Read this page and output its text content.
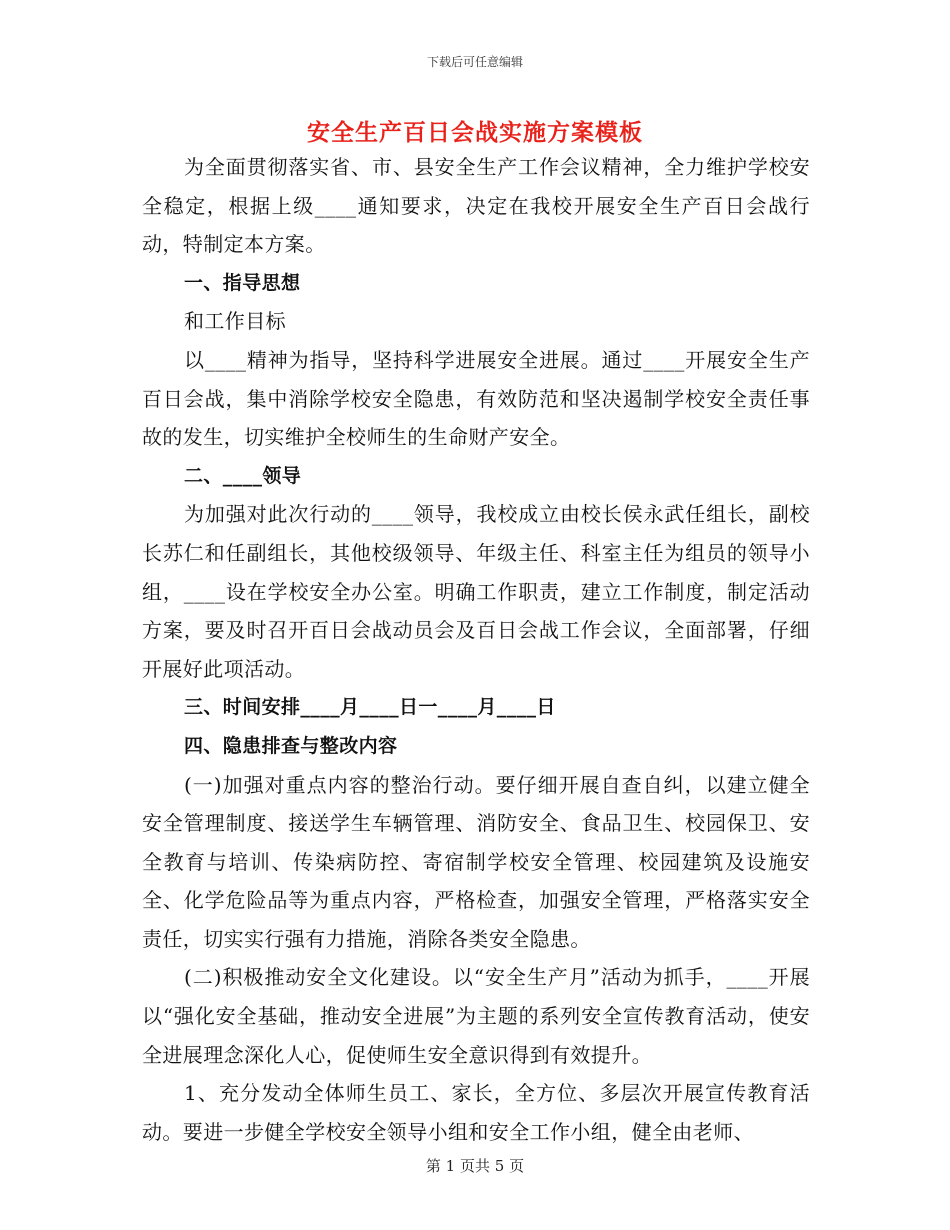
下载后可任意编辑
安全生产百日会战实施方案模板

为全面贯彻落实省、市、县安全生产工作会议精神，全力维护学校安全稳定，根据上级____通知要求，决定在我校开展安全生产百日会战行动，特制定本方案。

一、指导思想

和工作目标

以____精神为指导，坚持科学进展安全进展。通过____开展安全生产百日会战，集中消除学校安全隐患，有效防范和坚决遏制学校安全责任事故的发生，切实维护全校师生的生命财产安全。

二、____领导

为加强对此次行动的____领导，我校成立由校长侯永武任组长，副校长苏仁和任副组长，其他校级领导、年级主任、科室主任为组员的领导小组，____设在学校安全办公室。明确工作职责，建立工作制度，制定活动方案，要及时召开百日会战动员会及百日会战工作会议，全面部署，仔细开展好此项活动。

三、时间安排____月____日一____月____日

四、隐患排查与整改内容

(一)加强对重点内容的整治行动。要仔细开展自查自纠，以建立健全安全管理制度、接送学生车辆管理、消防安全、食品卫生、校园保卫、安全教育与培训、传染病防控、寄宿制学校安全管理、校园建筑及设施安全、化学危险品等为重点内容，严格检查，加强安全管理，严格落实安全责任，切实实行强有力措施，消除各类安全隐患。

(二)积极推动安全文化建设。以“安全生产月”活动为抓手，____开展以“强化安全基础，推动安全进展”为主题的系列安全宣传教育活动，使安全进展理念深化人心，促使师生安全意识得到有效提升。

1、充分发动全体师生员工、家长，全方位、多层次开展宣传教育活动。要进一步健全学校安全领导小组和安全工作小组，健全由老师、

第 1 页共 5 页
